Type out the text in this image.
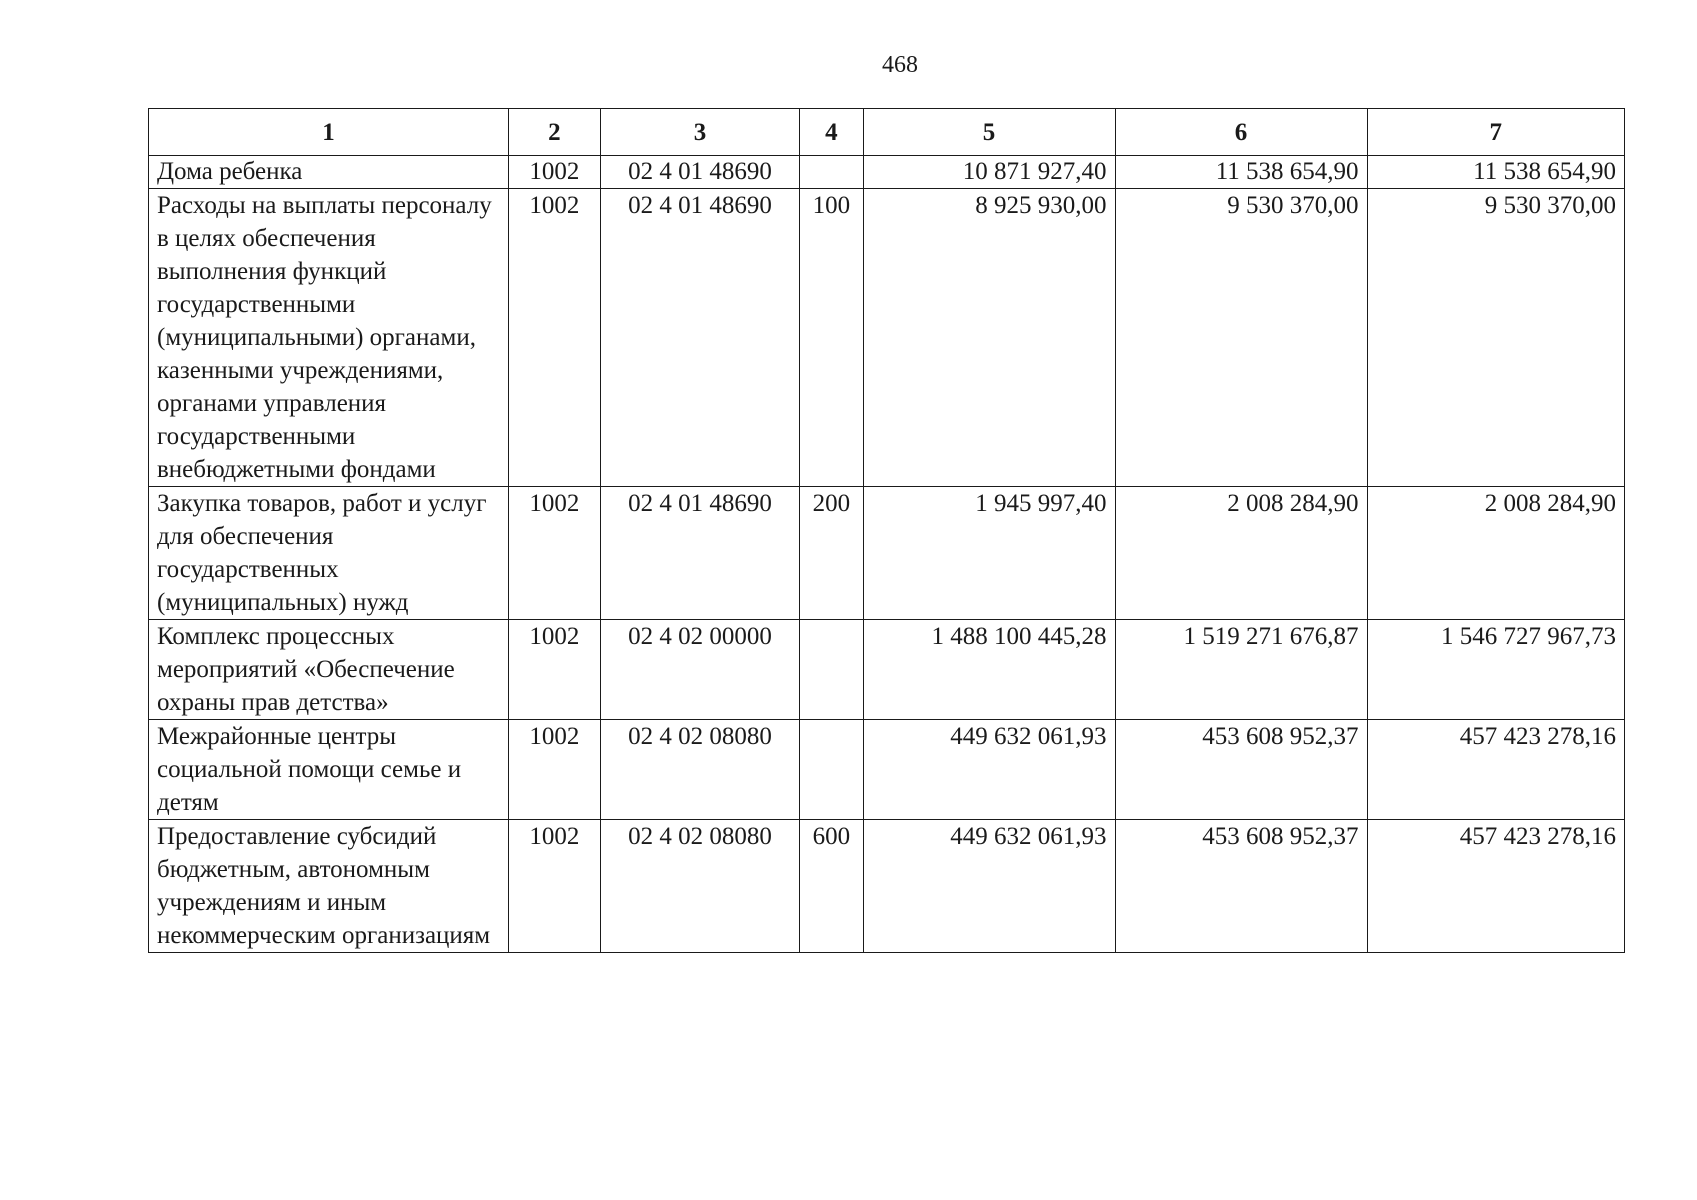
468
1	2	3	4	5	6	7
Дома ребенка	1002	02 4 01 48690		10 871 927,40	11 538 654,90	11 538 654,90
Расходы на выплаты персоналу в целях обеспечения выполнения функций государственными (муниципальными) органами, казенными учреждениями, органами управления государственными внебюджетными фондами	1002	02 4 01 48690	100	8 925 930,00	9 530 370,00	9 530 370,00
Закупка товаров, работ и услуг для обеспечения государственных (муниципальных) нужд	1002	02 4 01 48690	200	1 945 997,40	2 008 284,90	2 008 284,90
Комплекс процессных мероприятий «Обеспечение охраны прав детства»	1002	02 4 02 00000		1 488 100 445,28	1 519 271 676,87	1 546 727 967,73
Межрайонные центры социальной помощи семье и детям	1002	02 4 02 08080		449 632 061,93	453 608 952,37	457 423 278,16
Предоставление субсидий бюджетным, автономным учреждениям и иным некоммерческим организациям	1002	02 4 02 08080	600	449 632 061,93	453 608 952,37	457 423 278,16
